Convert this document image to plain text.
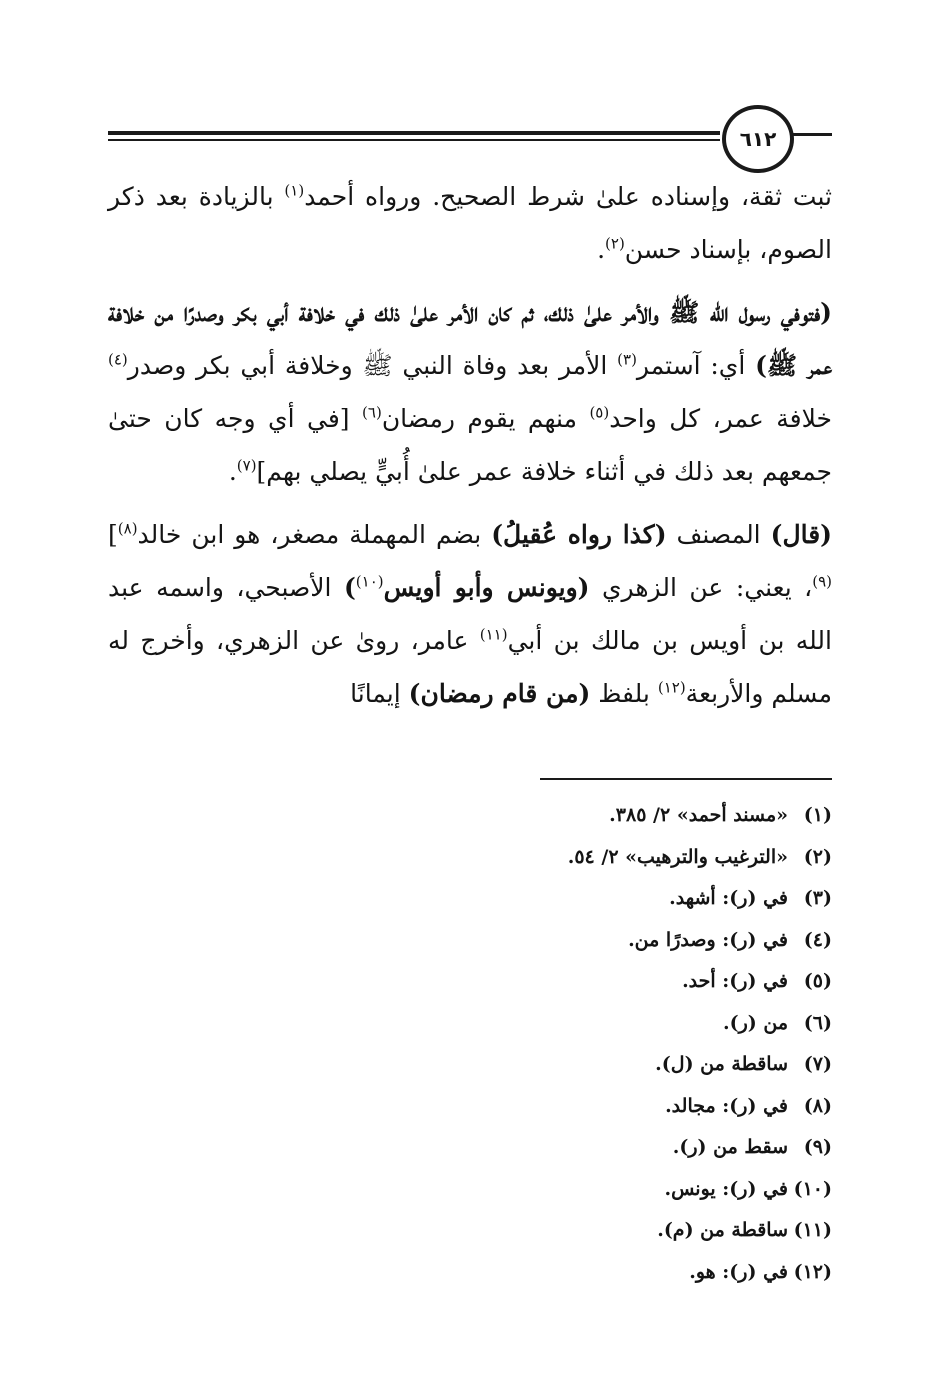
٦١٢

ثبت ثقة، وإسناده علىٰ شرط الصحيح. ورواه أحمد$^{(١)}$ بالزيادة بعد ذكر الصوم، بإسناد حسن$^{(٢)}$.

(فتوفي رسول الله ﷺ والأمر علىٰ ذلك، ثم كان الأمر علىٰ ذلك في خلافة أبي بكر وصدرًا من خلافة عمر ﷺ) أي: آستمر$^{(٣)}$ الأمر بعد وفاة النبي ﷺ وخلافة أبي بكر وصدر$^{(٤)}$ خلافة عمر، كل واحد$^{(٥)}$ منهم يقوم رمضان$^{(٦)}$ [في أي وجه كان حتىٰ جمعهم بعد ذلك في أثناء خلافة عمر علىٰ أُبيٍّ يصلي بهم]$^{(٧)}$.

(قال) المصنف (كذا رواه عُقيلُ) بضم المهملة مصغر، هو ابن خالد$^{(٨)}$]$^{(٩)}$، يعني: عن الزهري (ويونس وأبو أويس$^{(١٠)}$) الأصبحي، واسمه عبد الله بن أويس بن مالك بن أبي$^{(١١)}$ عامر، روىٰ عن الزهري، وأخرج له مسلم والأربعة$^{(١٢)}$ بلفظ (من قام رمضان) إيمانًا

(١)«مسند أحمد» ٢/ ٣٨٥.
(٢)«الترغيب والترهيب» ٢/ ٥٤.
(٣)في (ر): أشهد.
(٤)في (ر): وصدرًا من.
(٥)في (ر): أحد.
(٦)من (ر).
(٧)ساقطة من (ل).
(٨)في (ر): مجالد.
(٩)سقط من (ر).
(١٠)في (ر): يونس.
(١١)ساقطة من (م).
(١٢)في (ر): هو.
